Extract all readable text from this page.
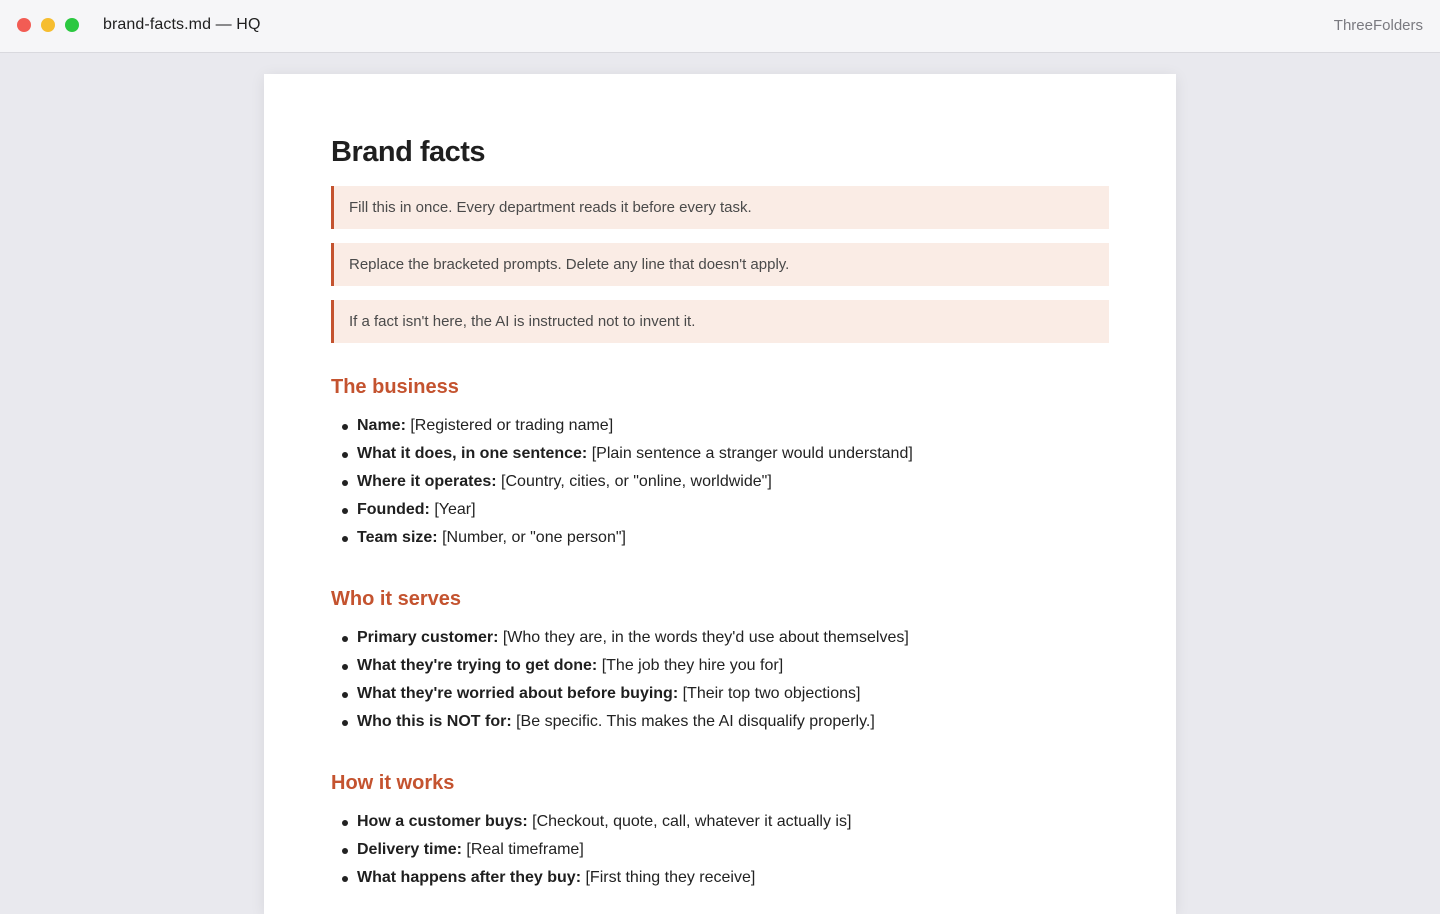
brand-facts.md — HQ	ThreeFolders
Brand facts
Fill this in once. Every department reads it before every task.
Replace the bracketed prompts. Delete any line that doesn't apply.
If a fact isn't here, the AI is instructed not to invent it.
The business
Name: [Registered or trading name]
What it does, in one sentence: [Plain sentence a stranger would understand]
Where it operates: [Country, cities, or "online, worldwide"]
Founded: [Year]
Team size: [Number, or "one person"]
Who it serves
Primary customer: [Who they are, in the words they'd use about themselves]
What they're trying to get done: [The job they hire you for]
What they're worried about before buying: [Their top two objections]
Who this is NOT for: [Be specific. This makes the AI disqualify properly.]
How it works
How a customer buys: [Checkout, quote, call, whatever it actually is]
Delivery time: [Real timeframe]
What happens after they buy: [First thing they receive]
